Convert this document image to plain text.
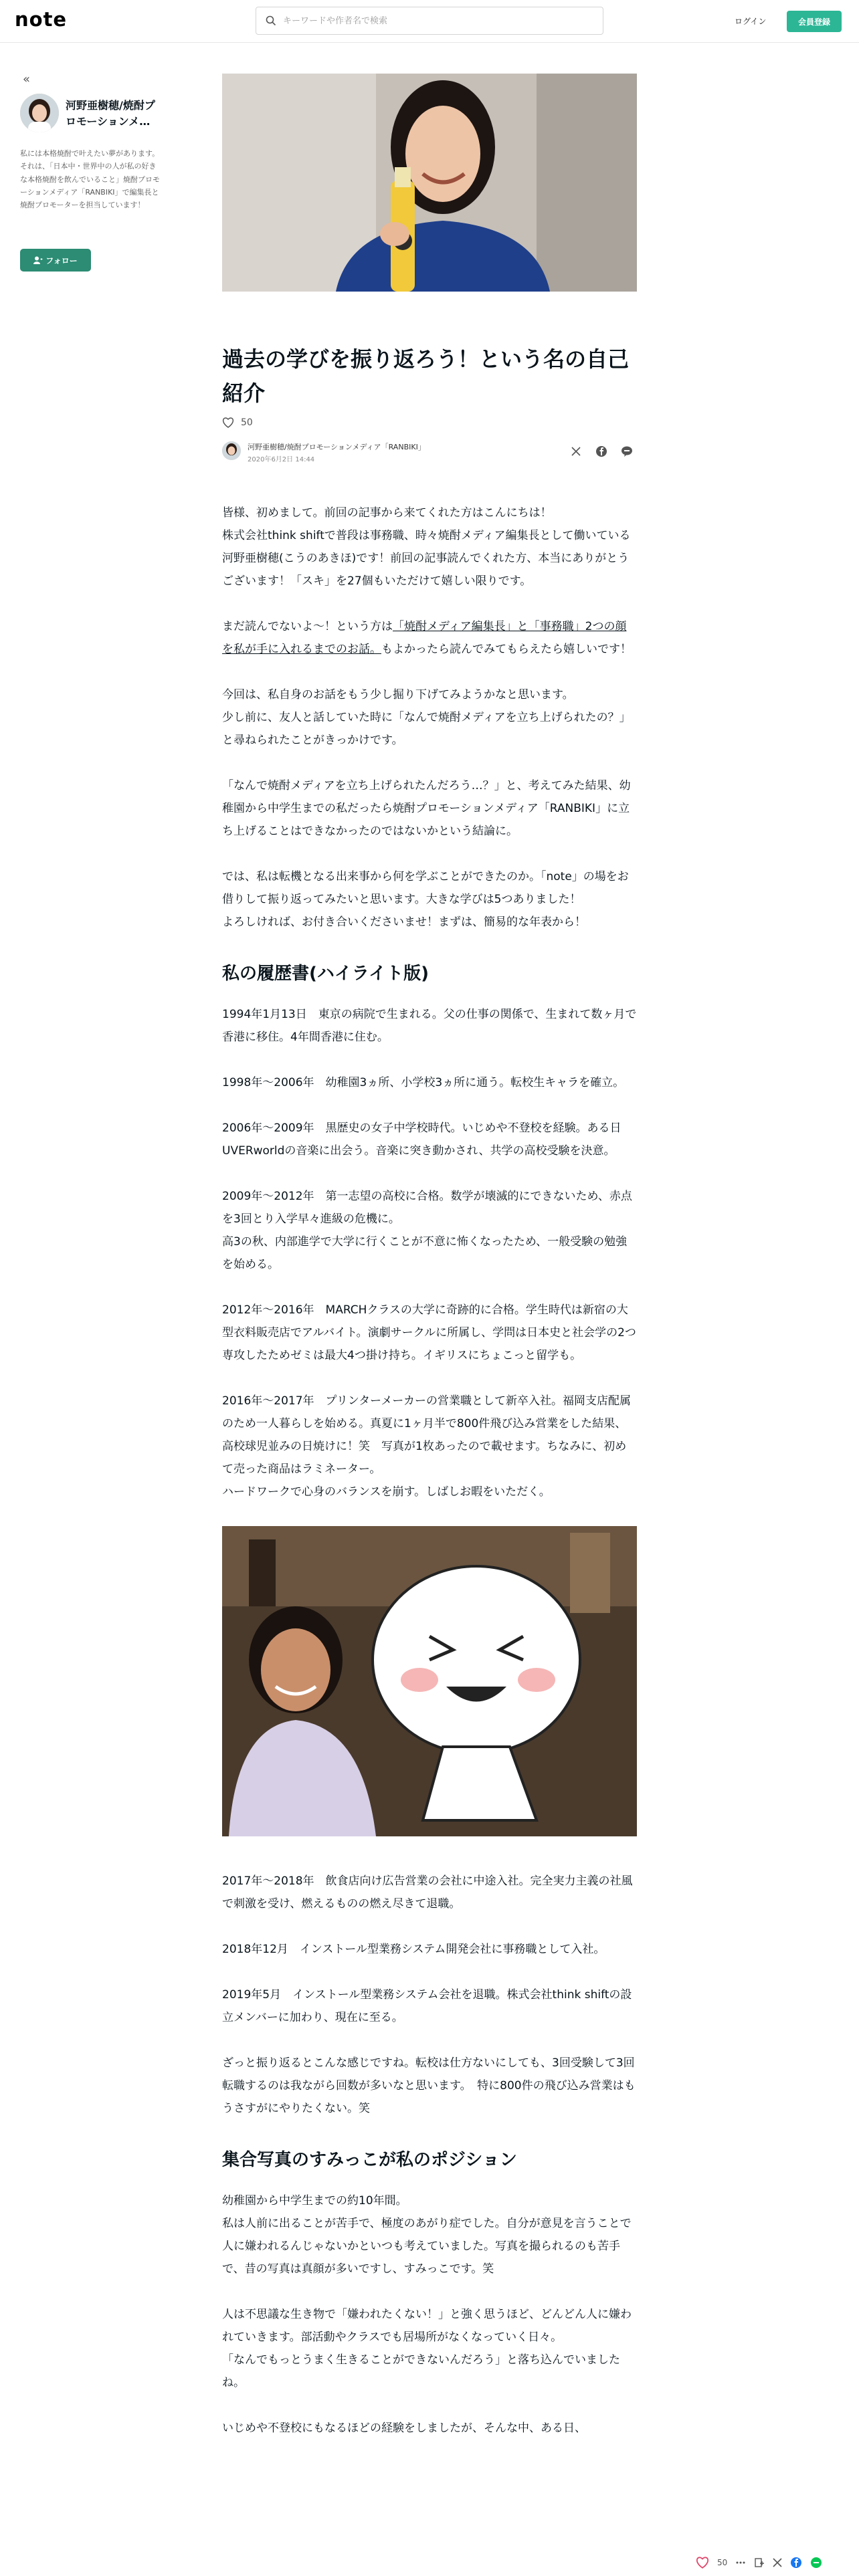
note
キーワードや作者名で検索	ログイン	会員登録
«
河野亜樹穂/焼酎プロモーションメ…
私には本格焼酎で叶えたい夢があります。それは、「日本中・世界中の人が私の好きな本格焼酎を飲んでいること」焼酎プロモーションメディア「RANBIKI」で編集長と焼酎プロモーターを担当しています！
フォロー
過去の学びを振り返ろう！という名の自己紹介
50
河野亜樹穂/焼酎プロモーションメディア「RANBIKI」
2020年6月2日 14:44

皆様、初めまして。前回の記事から来てくれた方はこんにちは！
株式会社think shiftで普段は事務職、時々焼酎メディア編集長として働いている河野亜樹穂(こうのあきほ)です！前回の記事読んでくれた方、本当にありがとうございます！「スキ」を27個もいただけて嬉しい限りです。

まだ読んでないよ〜！という方は「焼酎メディア編集長」と「事務職」2つの顔を私が手に入れるまでのお話。もよかったら読んでみてもらえたら嬉しいです！

今回は、私自身のお話をもう少し掘り下げてみようかなと思います。
少し前に、友人と話していた時に「なんで焼酎メディアを立ち上げられたの？」と尋ねられたことがきっかけです。

「なんで焼酎メディアを立ち上げられたんだろう…？」と、考えてみた結果、幼稚園から中学生までの私だったら焼酎プロモーションメディア「RANBIKI」に立ち上げることはできなかったのではないかという結論に。

では、私は転機となる出来事から何を学ぶことができたのか。「note」の場をお借りして振り返ってみたいと思います。大きな学びは5つありました！
よろしければ、お付き合いくださいませ！まずは、簡易的な年表から！

私の履歴書(ハイライト版)

1994年1月13日　東京の病院で生まれる。父の仕事の関係で、生まれて数ヶ月で香港に移住。4年間香港に住む。

1998年〜2006年　幼稚園3ヵ所、小学校3ヵ所に通う。転校生キャラを確立。

2006年〜2009年　黒歴史の女子中学校時代。いじめや不登校を経験。ある日UVERworldの音楽に出会う。音楽に突き動かされ、共学の高校受験を決意。

2009年〜2012年　第一志望の高校に合格。数学が壊滅的にできないため、赤点を3回とり入学早々進級の危機に。
高3の秋、内部進学で大学に行くことが不意に怖くなったため、一般受験の勉強を始める。

2012年〜2016年　MARCHクラスの大学に奇跡的に合格。学生時代は新宿の大型衣料販売店でアルバイト。演劇サークルに所属し、学問は日本史と社会学の2つ専攻したためゼミは最大4つ掛け持ち。イギリスにちょこっと留学も。

2016年〜2017年　プリンターメーカーの営業職として新卒入社。福岡支店配属のため一人暮らしを始める。真夏に1ヶ月半で800件飛び込み営業をした結果、高校球児並みの日焼けに！笑　写真が1枚あったので載せます。ちなみに、初めて売った商品はラミネーター。
ハードワークで心身のバランスを崩す。しばしお暇をいただく。

2017年〜2018年　飲食店向け広告営業の会社に中途入社。完全実力主義の社風で刺激を受け、燃えるものの燃え尽きて退職。

2018年12月　インストール型業務システム開発会社に事務職として入社。

2019年5月　インストール型業務システム会社を退職。株式会社think shiftの設立メンバーに加わり、現在に至る。

ざっと振り返るとこんな感じですね。転校は仕方ないにしても、3回受験して3回転職するのは我ながら回数が多いなと思います。　特に800件の飛び込み営業はもうさすがにやりたくない。笑

集合写真のすみっこが私のポジション

幼稚園から中学生までの約10年間。
私は人前に出ることが苦手で、極度のあがり症でした。自分が意見を言うことで人に嫌われるんじゃないかといつも考えていました。写真を撮られるのも苦手で、昔の写真は真顔が多いですし、すみっこです。笑

人は不思議な生き物で「嫌われたくない！」と強く思うほど、どんどん人に嫌われていきます。部活動やクラスでも居場所がなくなっていく日々。
「なんでもっとうまく生きることができないんだろう」と落ち込んでいましたね。

いじめや不登校にもなるほどの経験をしましたが、そんな中、ある日、

50
